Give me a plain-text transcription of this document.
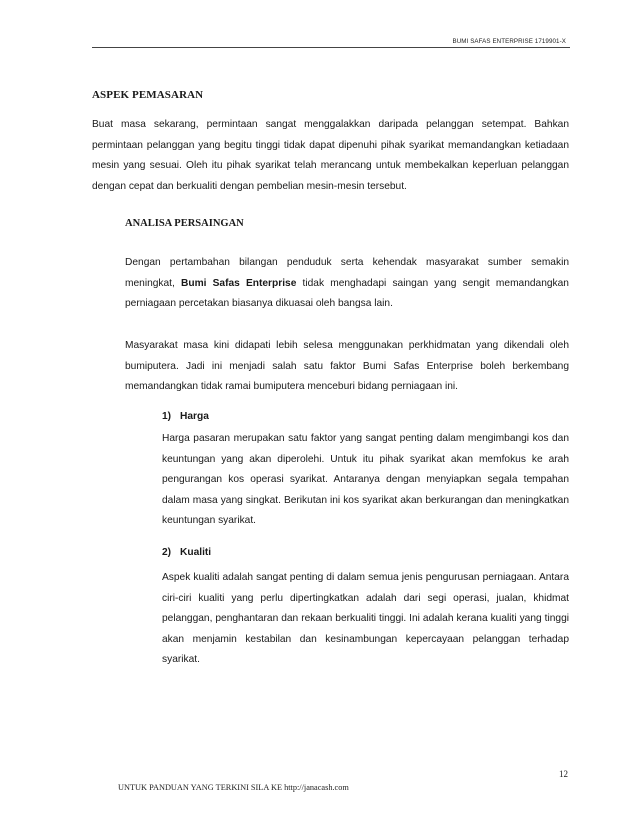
BUMI SAFAS ENTERPRISE 1719901-X
ASPEK PEMASARAN
Buat masa sekarang, permintaan sangat menggalakkan daripada pelanggan setempat. Bahkan permintaan pelanggan yang begitu tinggi tidak dapat dipenuhi pihak syarikat memandangkan ketiadaan mesin yang sesuai. Oleh itu pihak syarikat telah merancang untuk membekalkan keperluan pelanggan dengan cepat dan berkualiti dengan pembelian mesin-mesin tersebut.
ANALISA PERSAINGAN
Dengan pertambahan bilangan penduduk serta kehendak masyarakat sumber semakin meningkat, Bumi Safas Enterprise tidak menghadapi saingan yang sengit memandangkan perniagaan percetakan biasanya dikuasai oleh bangsa lain.
Masyarakat masa kini didapati lebih selesa menggunakan perkhidmatan yang dikendali oleh bumiputera. Jadi ini menjadi salah satu faktor Bumi Safas Enterprise boleh berkembang memandangkan tidak ramai bumiputera menceburi bidang perniagaan ini.
1) Harga
Harga pasaran merupakan satu faktor yang sangat penting dalam mengimbangi kos dan keuntungan yang akan diperolehi. Untuk itu pihak syarikat akan memfokus ke arah pengurangan kos operasi syarikat. Antaranya dengan menyiapkan segala tempahan dalam masa yang singkat. Berikutan ini kos syarikat akan berkurangan dan meningkatkan keuntungan syarikat.
2) Kualiti
Aspek kualiti adalah sangat penting di dalam semua jenis pengurusan perniagaan. Antara ciri-ciri kualiti yang perlu dipertingkatkan adalah dari segi operasi, jualan, khidmat pelanggan, penghantaran dan rekaan berkualiti tinggi. Ini adalah kerana kualiti yang tinggi akan menjamin kestabilan dan kesinambungan kepercayaan pelanggan terhadap syarikat.
12
UNTUK PANDUAN YANG TERKINI SILA KE http://janacash.com
